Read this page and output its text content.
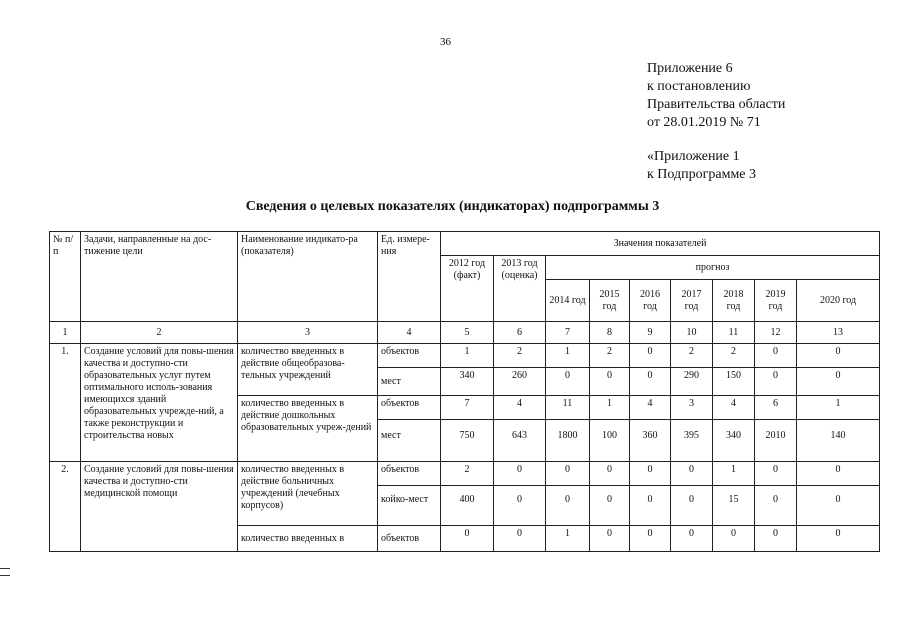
36
Приложение 6
к постановлению
Правительства области
от 28.01.2019 № 71
«Приложение 1
к Подпрограмме 3
Сведения о целевых показателях (индикаторах) подпрограммы 3
№ п/п	Задачи, направленные на дос-тижение цели	Наименование индикато-ра (показателя)	Ед. измере-ния	Значения показателей								
				2012 год (факт)	2013 год (оценка)	прогноз						
						2014 год	2015 год	2016 год	2017 год	2018 год	2019 год	2020 год
1	2	3	4	5	6	7	8	9	10	11	12	13
1.	Создание условий для повы-шения качества и доступно-сти образовательных услуг путем оптимального исполь-зования имеющихся зданий образовательных учрежде-ний, а также реконструкции и строительства новых	количество введенных в действие общеобразова-тельных учреждений	объектов	1	2	1	2	0	2	2	0	0
			мест	340	260	0	0	0	290	150	0	0
		количество введенных в действие дошкольных образовательных учреж-дений	объектов	7	4	11	1	4	3	4	6	1
			мест	750	643	1800	100	360	395	340	2010	140
2.	Создание условий для повы-шения качества и доступно-сти медицинской помощи	количество введенных в действие больничных учреждений (лечебных корпусов)	объектов	2	0	0	0	0	0	1	0	0
			койко-мест	400	0	0	0	0	0	15	0	0
		количество введенных в	объектов	0	0	1	0	0	0	0	0	0
